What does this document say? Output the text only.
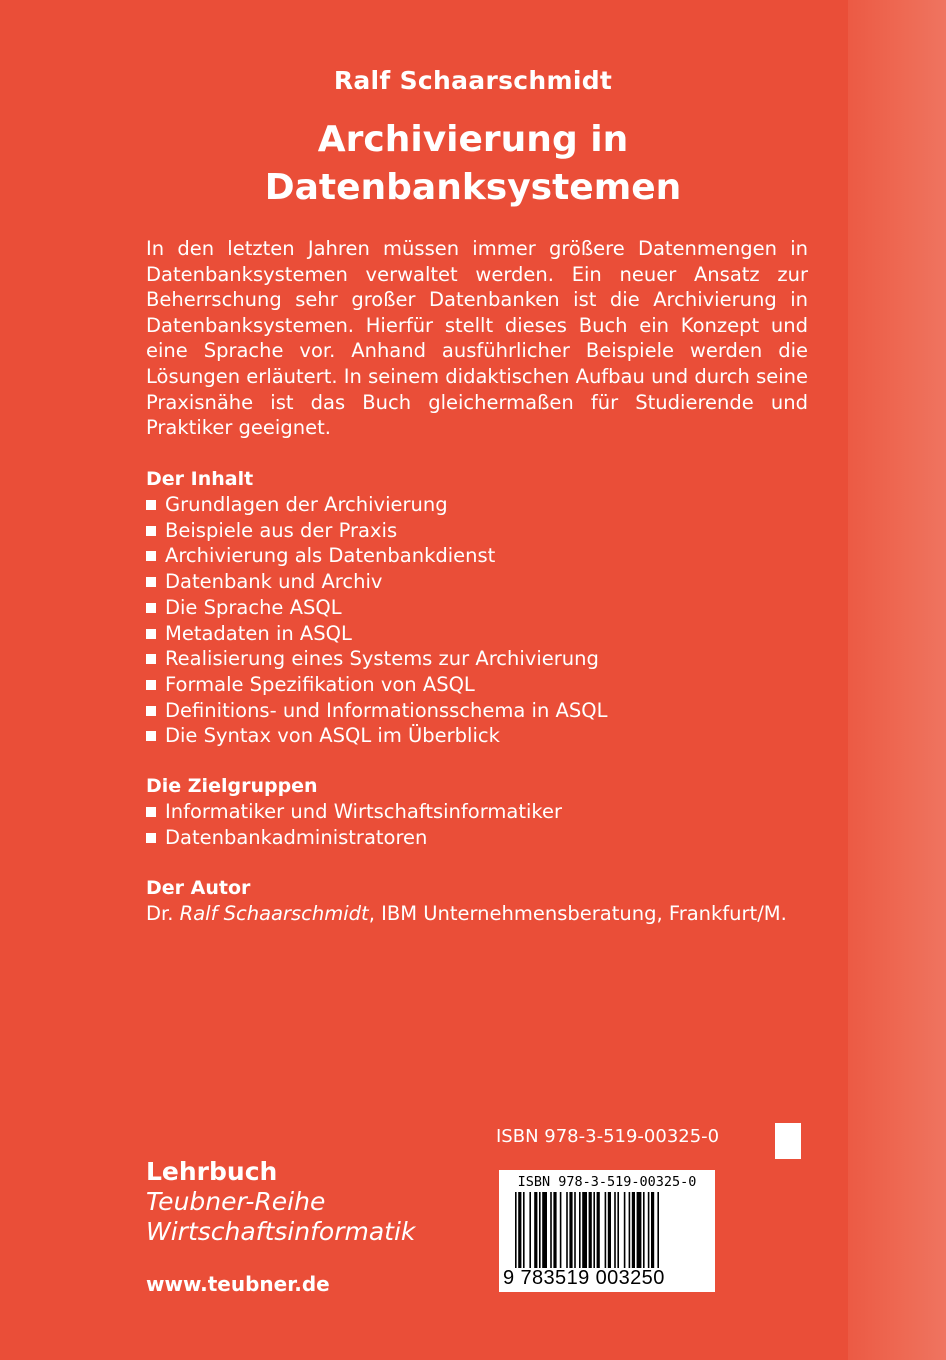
Ralf Schaarschmidt
Archivierung in
Datenbanksystemen
In den letzten Jahren müssen immer größere Datenmengen in Datenbanksystemen verwaltet werden. Ein neuer Ansatz zur Beherrschung sehr großer Datenbanken ist die Archivierung in Datenbanksystemen. Hierfür stellt dieses Buch ein Konzept und eine Sprache vor. Anhand ausführlicher Beispiele werden die Lösungen erläutert. In seinem didaktischen Aufbau und durch seine Praxisnähe ist das Buch gleichermaßen für Studierende und Praktiker geeignet.
Der Inhalt
Grundlagen der Archivierung
Beispiele aus der Praxis
Archivierung als Datenbankdienst
Datenbank und Archiv
Die Sprache ASQL
Metadaten in ASQL
Realisierung eines Systems zur Archivierung
Formale Spezifikation von ASQL
Definitions- und Informationsschema in ASQL
Die Syntax von ASQL im Überblick
Die Zielgruppen
Informatiker und Wirtschaftsinformatiker
Datenbankadministratoren
Der Autor
Dr. Ralf Schaarschmidt, IBM Unternehmensberatung, Frankfurt/M.
ISBN 978-3-519-00325-0
Lehrbuch
Teubner-Reihe
Wirtschaftsinformatik
www.teubner.de
ISBN 978-3-519-00325-0
9 783519 003250
